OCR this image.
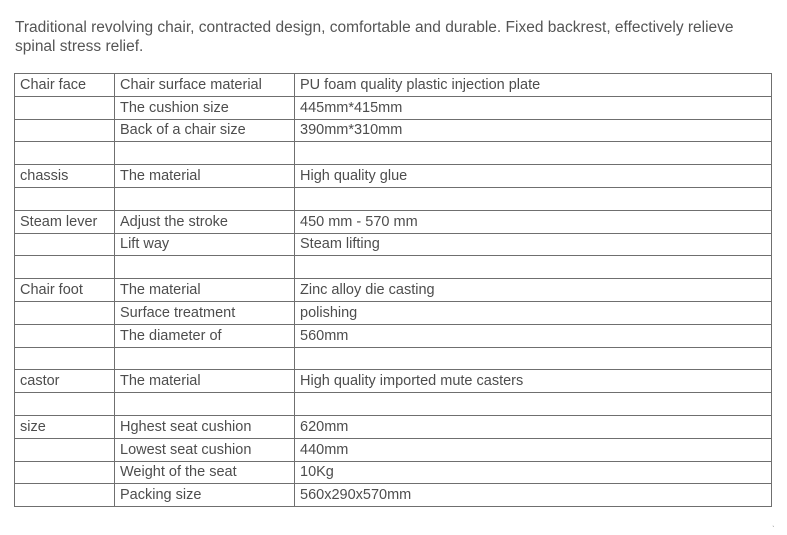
Traditional revolving chair, contracted design, comfortable and durable. Fixed backrest, effectively relieve spinal stress relief.

Chair face	Chair surface material	PU foam quality plastic injection plate
	The cushion size	445mm*415mm
	Back of a chair size	390mm*310mm

chassis	The material	High quality glue

Steam lever	Adjust the stroke	450 mm - 570 mm
	Lift way	Steam lifting

Chair foot	The material	Zinc alloy die casting
	Surface treatment	polishing
	The diameter of	560mm

castor	The material	High quality imported mute casters

size	Hghest seat cushion	620mm
	Lowest seat cushion	440mm
	Weight of the seat	10Kg
	Packing size	560x290x570mm
ˎ
